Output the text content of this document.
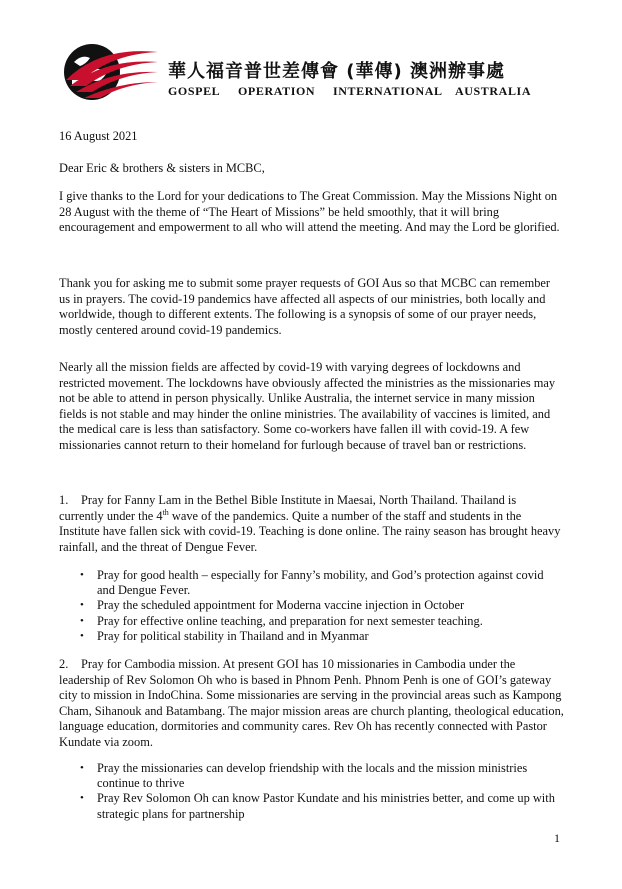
華人福音普世差傳會 (華傳) 澳洲辦事處
GOSPEL OPERATION INTERNATIONAL AUSTRALIA
16 August 2021
Dear Eric & brothers & sisters in MCBC,

I give thanks to the Lord for your dedications to The Great Commission. May the Missions Night on 28 August with the theme of “The Heart of Missions” be held smoothly, that it will bring encouragement and empowerment to all who will attend the meeting. And may the Lord be glorified.

Thank you for asking me to submit some prayer requests of GOI Aus so that MCBC can remember us in prayers. The covid-19 pandemics have affected all aspects of our ministries, both locally and worldwide, though to different extents. The following is a synopsis of some of our prayer needs, mostly centered around covid-19 pandemics.

Nearly all the mission fields are affected by covid-19 with varying degrees of lockdowns and restricted movement. The lockdowns have obviously affected the ministries as the missionaries may not be able to attend in person physically. Unlike Australia, the internet service in many mission fields is not stable and may hinder the online ministries. The availability of vaccines is limited, and the medical care is less than satisfactory. Some co-workers have fallen ill with covid-19. A few missionaries cannot return to their homeland for furlough because of travel ban or restrictions.

1. Pray for Fanny Lam in the Bethel Bible Institute in Maesai, North Thailand. Thailand is currently under the 4th wave of the pandemics. Quite a number of the staff and students in the Institute have fallen sick with covid-19. Teaching is done online. The rainy season has brought heavy rainfall, and the threat of Dengue Fever.
• Pray for good health – especially for Fanny’s mobility, and God’s protection against covid and Dengue Fever.
• Pray the scheduled appointment for Moderna vaccine injection in October
• Pray for effective online teaching, and preparation for next semester teaching.
• Pray for political stability in Thailand and in Myanmar
2. Pray for Cambodia mission. At present GOI has 10 missionaries in Cambodia under the leadership of Rev Solomon Oh who is based in Phnom Penh. Phnom Penh is one of GOI’s gateway city to mission in IndoChina. Some missionaries are serving in the provincial areas such as Kampong Cham, Sihanouk and Batambang. The major mission areas are church planting, theological education, language education, dormitories and community cares. Rev Oh has recently connected with Pastor Kundate via zoom.
• Pray the missionaries can develop friendship with the locals and the mission ministries continue to thrive
• Pray Rev Solomon Oh can know Pastor Kundate and his ministries better, and come up with strategic plans for partnership
1
